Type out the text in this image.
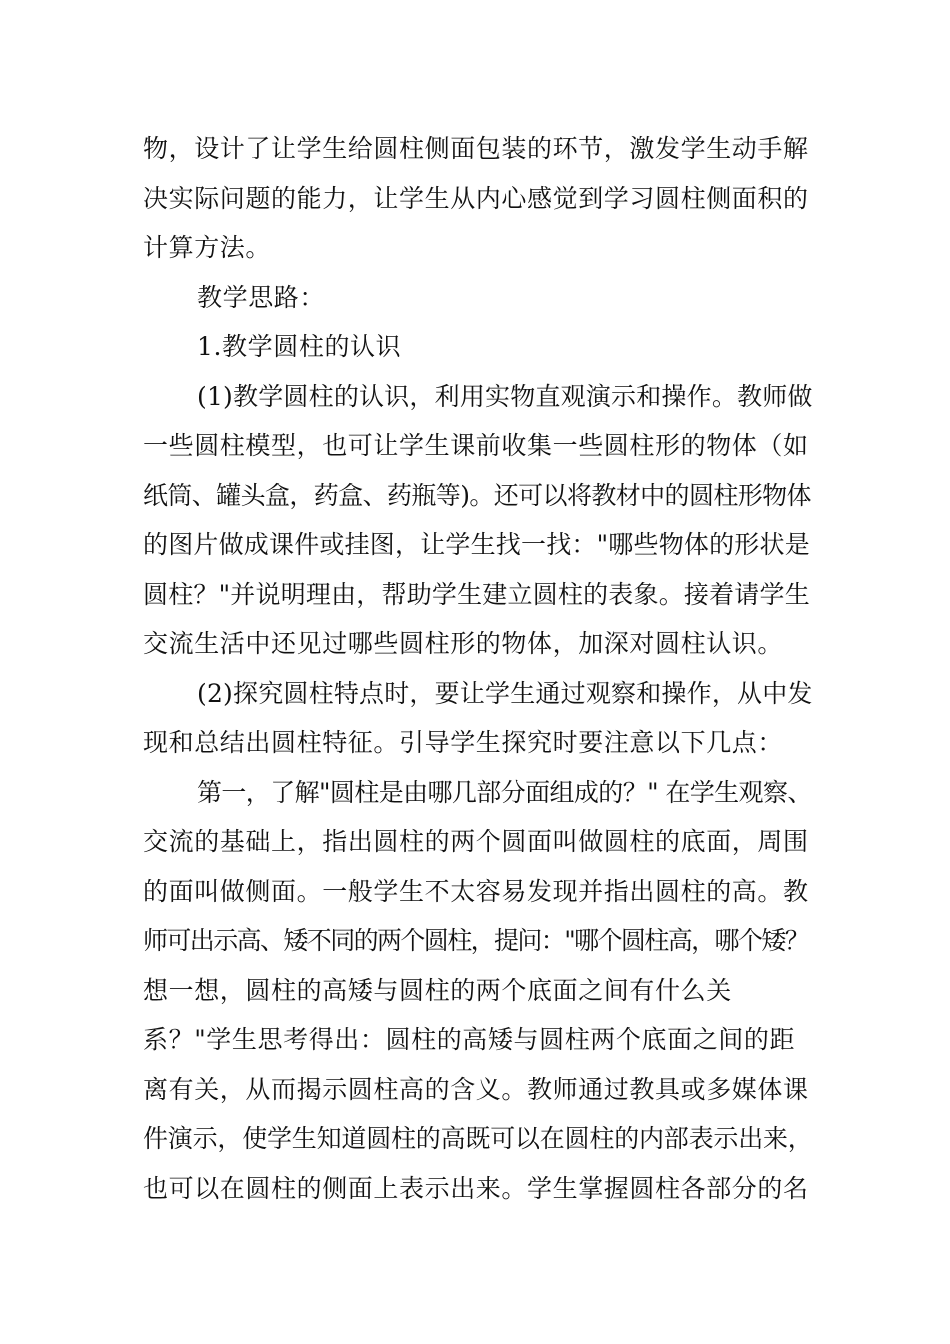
物，设计了让学生给圆柱侧面包装的环节，激发学生动手解
决实际问题的能力，让学生从内心感觉到学习圆柱侧面积的
计算方法。
教学思路：
1.教学圆柱的认识
(1)教学圆柱的认识，利用实物直观演示和操作。教师做
一些圆柱模型，也可让学生课前收集一些圆柱形的物体（如
纸筒、罐头盒，药盒、药瓶等)。还可以将教材中的圆柱形物体
的图片做成课件或挂图，让学生找一找："哪些物体的形状是
圆柱？"并说明理由，帮助学生建立圆柱的表象。接着请学生
交流生活中还见过哪些圆柱形的物体，加深对圆柱认识。
(2)探究圆柱特点时，要让学生通过观察和操作，从中发
现和总结出圆柱特征。引导学生探究时要注意以下几点：
第一，了解"圆柱是由哪几部分面组成的？" 在学生观察、
交流的基础上，指出圆柱的两个圆面叫做圆柱的底面，周围
的面叫做侧面。一般学生不太容易发现并指出圆柱的高。教
师可出示高、矮不同的两个圆柱，提问："哪个圆柱高，哪个矮？
想一想，圆柱的高矮与圆柱的两个底面之间有什么关
系？"学生思考得出：圆柱的高矮与圆柱两个底面之间的距
离有关，从而揭示圆柱高的含义。教师通过教具或多媒体课
件演示，使学生知道圆柱的高既可以在圆柱的内部表示出来，
也可以在圆柱的侧面上表示出来。学生掌握圆柱各部分的名
